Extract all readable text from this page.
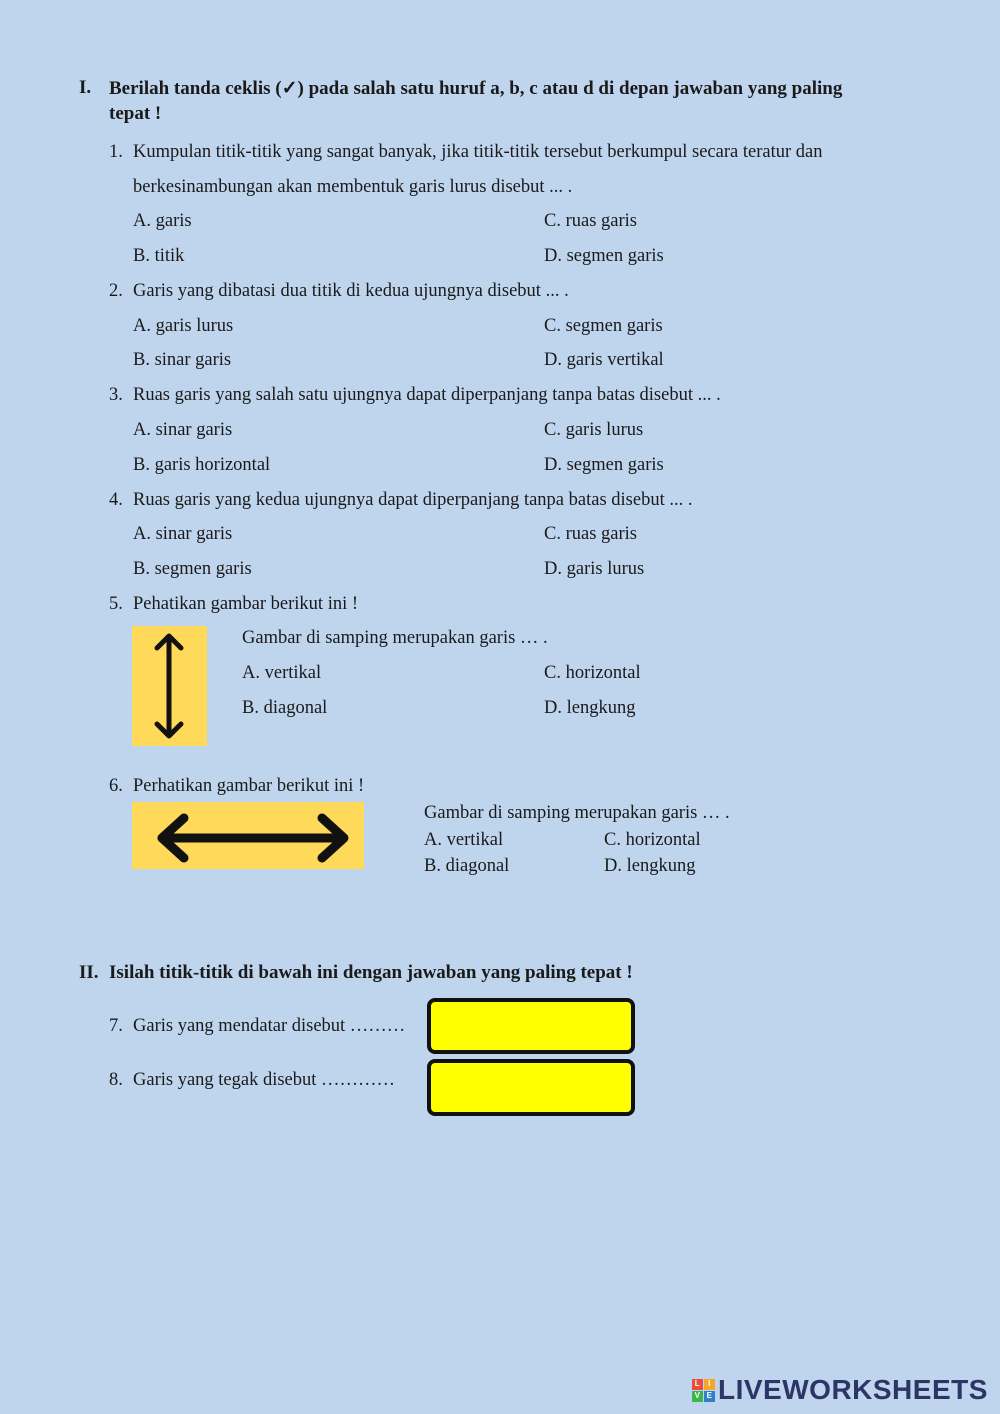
I. Berilah tanda ceklis (✓) pada salah satu huruf a, b, c atau d di depan jawaban yang paling
tepat !
1. Kumpulan titik-titik yang sangat banyak, jika titik-titik tersebut berkumpul secara teratur dan
berkesinambungan akan membentuk garis lurus disebut ... .
A. garis	C. ruas garis
B. titik	D. segmen garis
2. Garis yang dibatasi dua titik di kedua ujungnya disebut ... .
A. garis lurus	C. segmen garis
B. sinar garis	D. garis vertikal
3. Ruas garis yang salah satu ujungnya dapat diperpanjang tanpa batas disebut ... .
A. sinar garis	C. garis lurus
B. garis horizontal	D. segmen garis
4. Ruas garis yang kedua ujungnya dapat diperpanjang tanpa batas disebut ... .
A. sinar garis	C. ruas garis
B. segmen garis	D. garis lurus
5. Pehatikan gambar berikut ini !
Gambar di samping merupakan garis … .
A. vertikal	C. horizontal
B. diagonal	D. lengkung
6. Perhatikan gambar berikut ini !
Gambar di samping merupakan garis … .
A. vertikal	C. horizontal
B. diagonal	D. lengkung
II. Isilah titik-titik di bawah ini dengan jawaban yang paling tepat !
7. Garis yang mendatar disebut ………
8. Garis yang tegak disebut …………
L I
V E LIVEWORKSHEETS
